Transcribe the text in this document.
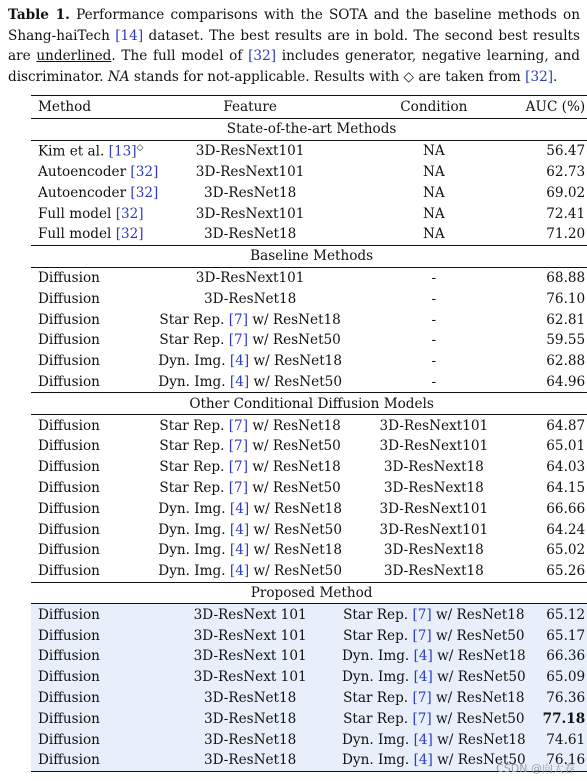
Table 1. Performance comparisons with the SOTA and the baseline methods on Shang-haiTech [14] dataset. The best results are in bold. The second best results are underlined. The full model of [32] includes generator, negative learning, and discriminator. NA stands for not-applicable. Results with ◇ are taken from [32].
Method	Feature	Condition	AUC (%)
State-of-the-art Methods			
Kim et al. [13]◇	3D-ResNext101	NA	56.47
Autoencoder [32]	3D-ResNext101	NA	62.73
Autoencoder [32]	3D-ResNet18	NA	69.02
Full model [32]	3D-ResNext101	NA	72.41
Full model [32]	3D-ResNet18	NA	71.20
Baseline Methods			
Diffusion	3D-ResNext101	-	68.88
Diffusion	3D-ResNet18	-	76.10
Diffusion	Star Rep. [7] w/ ResNet18	-	62.81
Diffusion	Star Rep. [7] w/ ResNet50	-	59.55
Diffusion	Dyn. Img. [4] w/ ResNet18	-	62.88
Diffusion	Dyn. Img. [4] w/ ResNet50	-	64.96
Other Conditional Diffusion Models			
Diffusion	Star Rep. [7] w/ ResNet18	3D-ResNext101	64.87
Diffusion	Star Rep. [7] w/ ResNet50	3D-ResNext101	65.01
Diffusion	Star Rep. [7] w/ ResNet18	3D-ResNext18	64.03
Diffusion	Star Rep. [7] w/ ResNet50	3D-ResNext18	64.15
Diffusion	Dyn. Img. [4] w/ ResNet18	3D-ResNext101	66.66
Diffusion	Dyn. Img. [4] w/ ResNet50	3D-ResNext101	64.24
Diffusion	Dyn. Img. [4] w/ ResNet18	3D-ResNext18	65.02
Diffusion	Dyn. Img. [4] w/ ResNet50	3D-ResNext18	65.26
Proposed Method			
Diffusion	3D-ResNext 101	Star Rep. [7] w/ ResNet18	65.12
Diffusion	3D-ResNext 101	Star Rep. [7] w/ ResNet50	65.17
Diffusion	3D-ResNext 101	Dyn. Img. [4] w/ ResNet18	66.36
Diffusion	3D-ResNext 101	Dyn. Img. [4] w/ ResNet50	65.09
Diffusion	3D-ResNet18	Star Rep. [7] w/ ResNet18	76.36
Diffusion	3D-ResNet18	Star Rep. [7] w/ ResNet50	77.18
Diffusion	3D-ResNet18	Dyn. Img. [4] w/ ResNet18	74.61
Diffusion	3D-ResNet18	Dyn. Img. [4] w/ ResNet50	76.16
CSDN @向大春
